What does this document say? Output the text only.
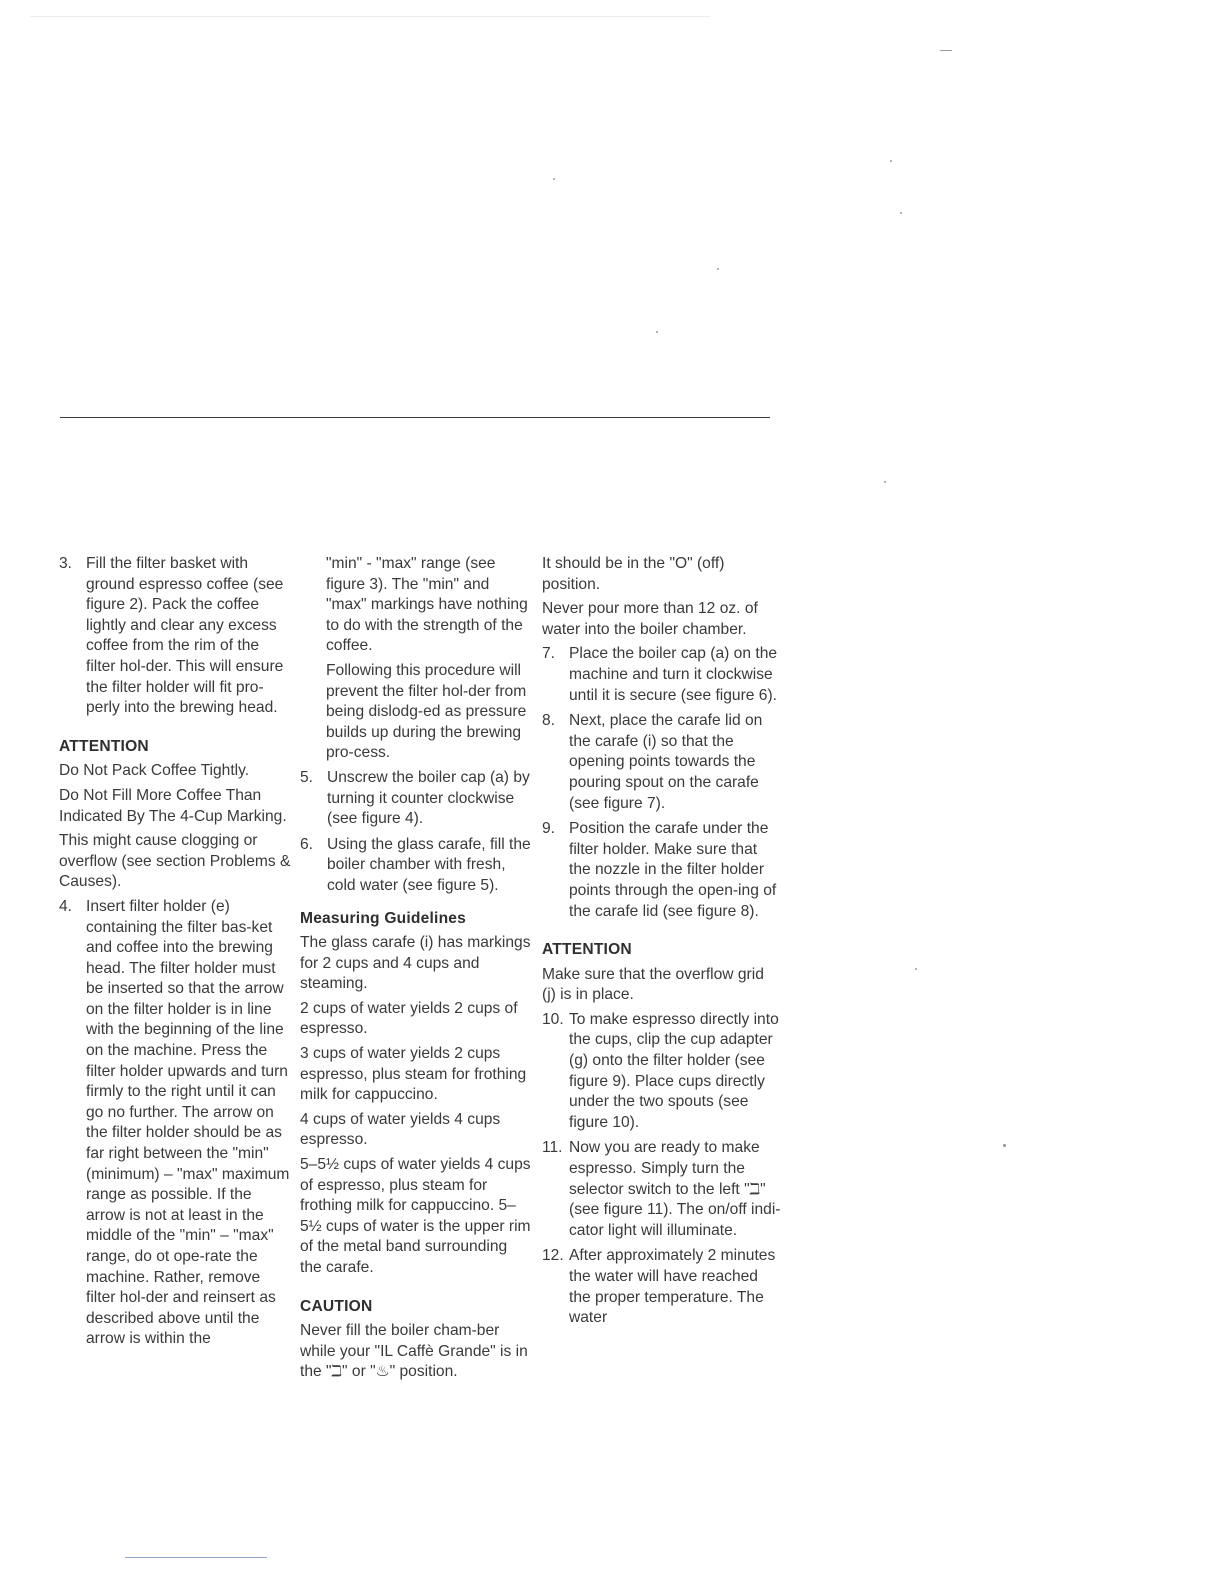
3. Fill the filter basket with ground espresso coffee (see figure 2). Pack the coffee lightly and clear any excess coffee from the rim of the filter hol-der. This will ensure the filter holder will fit pro-perly into the brewing head.
ATTENTION
Do Not Pack Coffee Tightly.
Do Not Fill More Coffee Than Indicated By The 4-Cup Marking.
This might cause clogging or overflow (see section Problems & Causes).
4. Insert filter holder (e) containing the filter bas-ket and coffee into the brewing head. The filter holder must be inserted so that the arrow on the filter holder is in line with the beginning of the line on the machine. Press the filter holder upwards and turn firmly to the right until it can go no further. The arrow on the filter holder should be as far right between the "min" (minimum) – "max" maximum range as possible. If the arrow is not at least in the middle of the "min" – "max" range, do ot ope-rate the machine. Rather, remove filter hol-der and reinsert as described above until the arrow is within the
"min" - "max" range (see figure 3). The "min" and "max" markings have nothing to do with the strength of the coffee.
Following this procedure will prevent the filter hol-der from being dislodg-ed as pressure builds up during the brewing pro-cess.
5. Unscrew the boiler cap (a) by turning it counter clockwise (see figure 4).
6. Using the glass carafe, fill the boiler chamber with fresh, cold water (see figure 5).
Measuring Guidelines
The glass carafe (i) has markings for 2 cups and 4 cups and steaming.
2 cups of water yields 2 cups of espresso.
3 cups of water yields 2 cups espresso, plus steam for frothing milk for cappuccino.
4 cups of water yields 4 cups espresso.
5–5½ cups of water yields 4 cups of espresso, plus steam for frothing milk for cappuccino. 5–5½ cups of water is the upper rim of the metal band surrounding the carafe.
CAUTION
Never fill the boiler cham-ber while your "IL Caffè Grande" is in the "ℶ" or "♨" position.
It should be in the "O" (off) position.
Never pour more than 12 oz. of water into the boiler chamber.
7. Place the boiler cap (a) on the machine and turn it clockwise until it is secure (see figure 6).
8. Next, place the carafe lid on the carafe (i) so that the opening points towards the pouring spout on the carafe (see figure 7).
9. Position the carafe under the filter holder. Make sure that the nozzle in the filter holder points through the open-ing of the carafe lid (see figure 8).
ATTENTION
Make sure that the overflow grid (j) is in place.
10. To make espresso directly into the cups, clip the cup adapter (g) onto the filter holder (see figure 9). Place cups directly under the two spouts (see figure 10).
11. Now you are ready to make espresso. Simply turn the selector switch to the left "ℶ" (see figure 11). The on/off indi-cator light will illuminate.
12. After approximately 2 minutes the water will have reached the proper temperature. The water
